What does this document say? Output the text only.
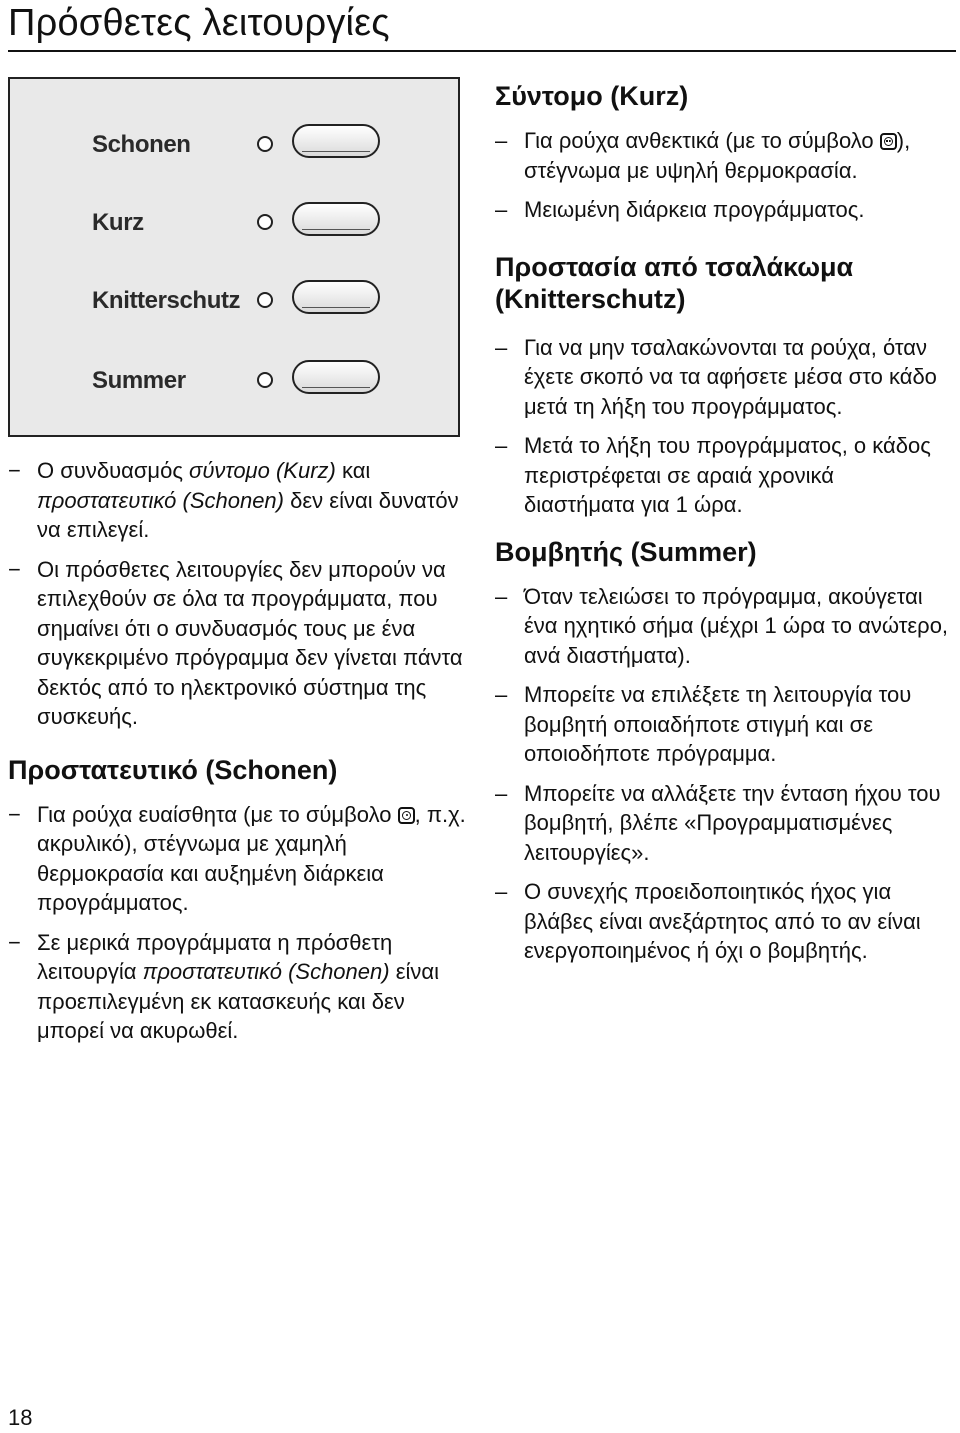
Πρόσθετες λειτουργίες
Schonen
Kurz
Knitterschutz
Summer
− Ο συνδυασμός σύντομο (Kurz) και προστατευτικό (Schonen) δεν είναι δυνατόν να επιλεγεί.
− Οι πρόσθετες λειτουργίες δεν μπορούν να επιλεχθούν σε όλα τα προγράμματα, που σημαίνει ότι ο συνδυασμός τους με ένα συγκεκριμένο πρόγραμμα δεν γίνεται πάντα δεκτός από το ηλεκτρονικό σύστημα της συσκευής.
Προστατευτικό (Schonen)
− Για ρούχα ευαίσθητα (με το σύμβολο , π.χ. ακρυλικό), στέγνωμα με χαμηλή θερμοκρασία και αυξημένη διάρκεια προγράμματος.
− Σε μερικά προγράμματα η πρόσθετη λειτουργία προστατευτικό (Schonen) είναι προεπιλεγμένη εκ κατασκευής και δεν μπορεί να ακυρωθεί.
Σύντομο (Kurz)
– Για ρούχα ανθεκτικά (με το σύμβολο ), στέγνωμα με υψηλή θερμοκρασία.
– Μειωμένη διάρκεια προγράμματος.
Προστασία από τσαλάκωμα (Knitterschutz)
– Για να μην τσαλακώνονται τα ρούχα, όταν έχετε σκοπό να τα αφήσετε μέσα στο κάδο μετά τη λήξη του προγράμματος.
– Μετά το λήξη του προγράμματος, ο κάδος περιστρέφεται σε αραιά χρονικά διαστήματα για 1 ώρα.
Βομβητής (Summer)
– Όταν τελειώσει το πρόγραμμα, ακούγεται ένα ηχητικό σήμα (μέχρι 1 ώρα το ανώτερο, ανά διαστήματα).
– Μπορείτε να επιλέξετε τη λειτουργία του βομβητή οποιαδήποτε στιγμή και σε οποιοδήποτε πρόγραμμα.
– Μπορείτε να αλλάξετε την ένταση ήχου του βομβητή, βλέπε «Προγραμματισμένες λειτουργίες».
– Ο συνεχής προειδοποιητικός ήχος για βλάβες είναι ανεξάρτητος από το αν είναι ενεργοποιημένος ή όχι ο βομβητής.
18
